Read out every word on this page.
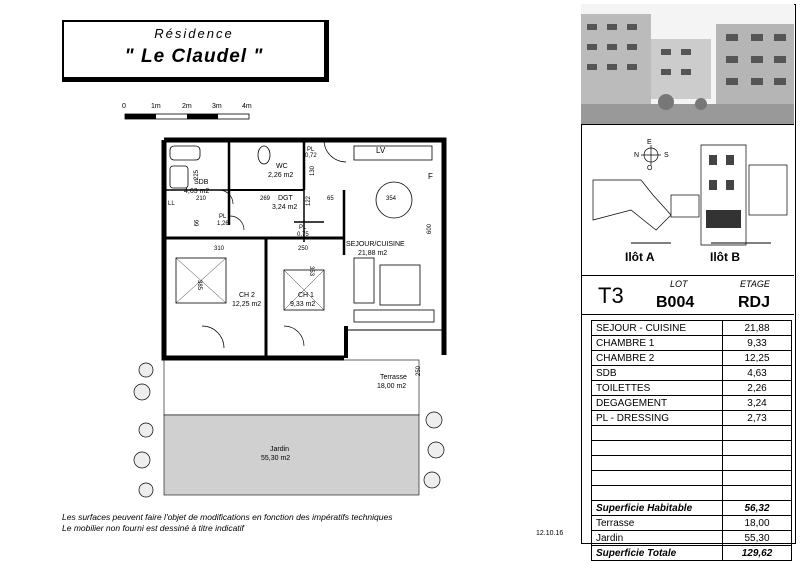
Résidence
" Le Claudel "
0	1m	2m	3m	4m
SDB
4,63 m2
WC
2,26 m2
DGT
3,24 m2
SEJOUR/CUISINE
21,88 m2
CH 2
12,25 m2
CH 1
9,33 m2
Terrasse
18,00 m2
Jardin
55,30 m2
PL
0,72
PL
1,26
PL
0,75
225
210	269	122
130
65	354
600
310	250
385
353
250
66
LV
F
LL
Les surfaces peuvent faire l'objet de modifications en fonction des impératifs techniques
Le mobilier non fourni est dessiné à titre indicatif
12.10.16
E
N	S
O
Ilôt A	Ilôt B
T3	LOT
B004
ETAGE
RDJ
SEJOUR - CUISINE	21,88
CHAMBRE 1	9,33
CHAMBRE 2	12,25
SDB	4,63
TOILETTES	2,26
DEGAGEMENT	3,24
PL - DRESSING	2,73

Superficie Habitable	56,32
Terrasse	18,00
Jardin	55,30
Superficie Totale	129,62
